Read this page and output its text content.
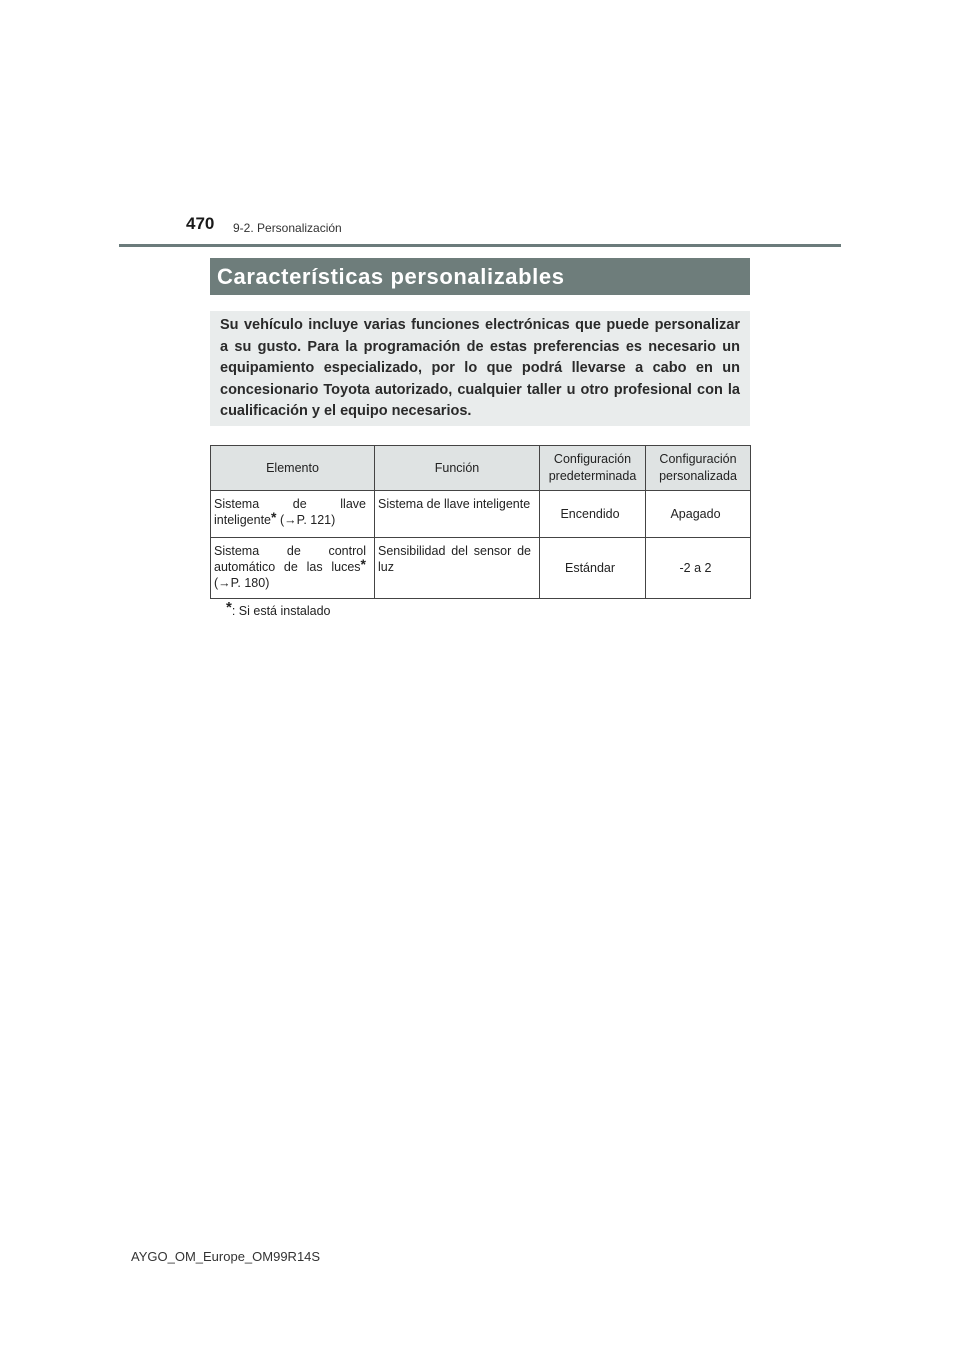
470 9-2. Personalización
Características personalizables
Su vehículo incluye varias funciones electrónicas que puede personalizar a su gusto. Para la programación de estas preferencias es necesario un equipamiento especializado, por lo que podrá llevarse a cabo en un concesionario Toyota autorizado, cualquier taller u otro profesional con la cualificación y el equipo necesarios.
Elemento	Función	Configuración predeterminada	Configuración personalizada
Sistema de llave inteligente* (→P. 121)	Sistema de llave inteligente	Encendido	Apagado
Sistema de control automático de las luces* (→P. 180)	Sensibilidad del sensor de luz	Estándar	-2 a 2
*: Si está instalado
AYGO_OM_Europe_OM99R14S
